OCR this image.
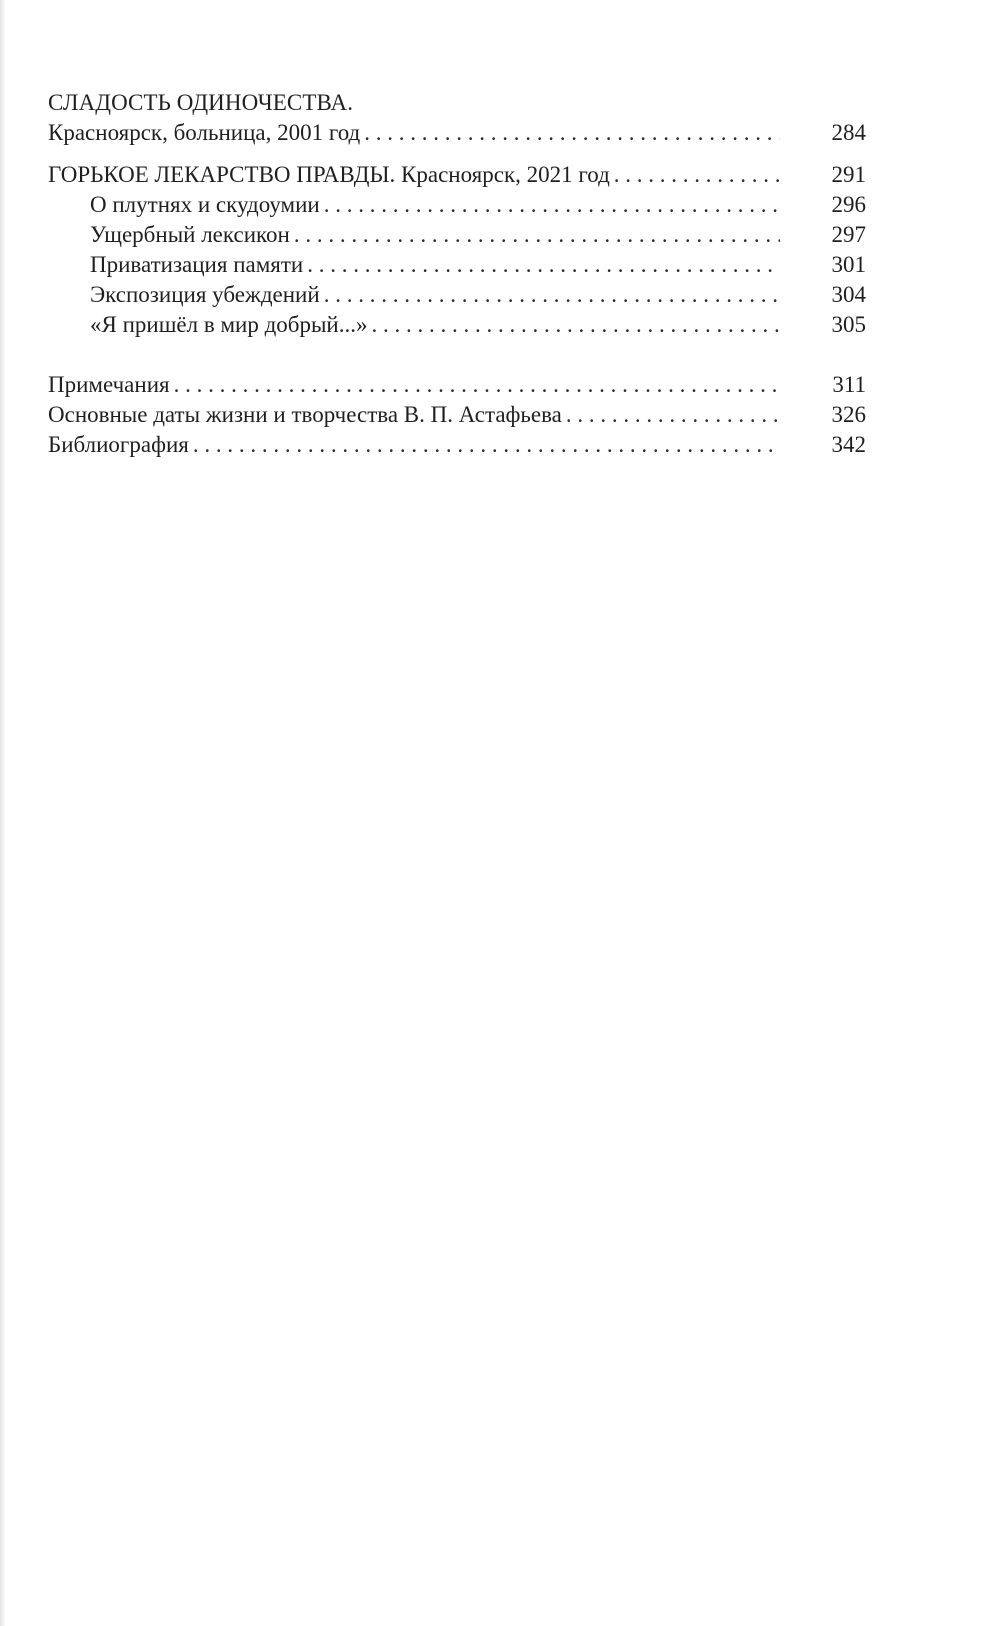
СЛАДОСТЬ ОДИНОЧЕСТВА.
Красноярск, больница, 2001 год . . .	284
ГОРЬКОЕ ЛЕКАРСТВО ПРАВДЫ. Красноярск, 2021 год . . .	291
О плутнях и скудоумии . . .	296
Ущербный лексикон . . .	297
Приватизация памяти . . .	301
Экспозиция убеждений . . .	304
«Я пришёл в мир добрый...» . . .	305
Примечания . . .	311
Основные даты жизни и творчества В. П. Астафьева . . .	326
Библиография . . .	342
